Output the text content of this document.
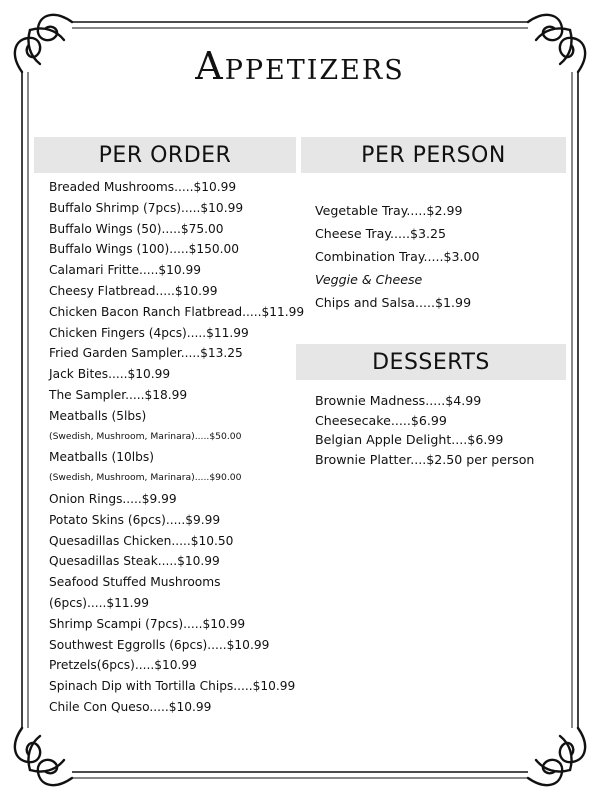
Appetizers
PER ORDER	PER PERSON
DESSERTS
Breaded Mushrooms.....$10.99
Buffalo Shrimp (7pcs).....$10.99
Buffalo Wings (50).....$75.00
Buffalo Wings (100).....$150.00
Calamari Fritte.....$10.99
Cheesy Flatbread.....$10.99
Chicken Bacon Ranch Flatbread.....$11.99
Chicken Fingers (4pcs).....$11.99
Fried Garden Sampler.....$13.25
Jack Bites.....$10.99
The Sampler.....$18.99
Meatballs (5lbs)
(Swedish, Mushroom, Marinara).....$50.00
Meatballs (10lbs)
(Swedish, Mushroom, Marinara).....$90.00
Onion Rings.....$9.99
Potato Skins (6pcs).....$9.99
Quesadillas Chicken.....$10.50
Quesadillas Steak.....$10.99
Seafood Stuffed Mushrooms
(6pcs).....$11.99
Shrimp Scampi (7pcs).....$10.99
Southwest Eggrolls (6pcs).....$10.99
Pretzels(6pcs).....$10.99
Spinach Dip with Tortilla Chips.....$10.99
Chile Con Queso.....$10.99
Vegetable Tray.....$2.99
Cheese Tray.....$3.25
Combination Tray.....$3.00
Veggie & Cheese
Chips and Salsa.....$1.99
Brownie Madness.....$4.99
Cheesecake.....$6.99
Belgian Apple Delight....$6.99
Brownie Platter....$2.50 per person
